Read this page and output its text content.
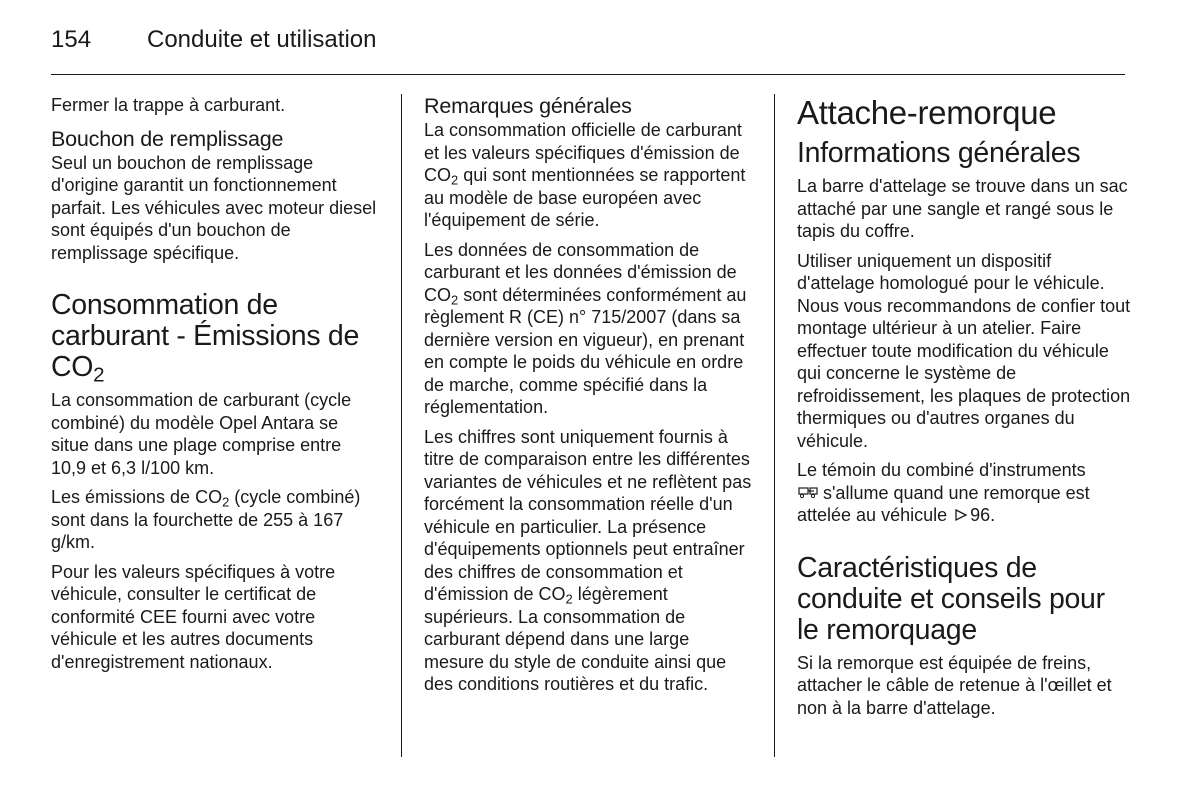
154 Conduite et utilisation

Fermer la trappe à carburant.

Bouchon de remplissage

Seul un bouchon de remplissage d'origine garantit un fonctionnement parfait. Les véhicules avec moteur diesel sont équipés d'un bouchon de remplissage spécifique.

Consommation de carburant - Émissions de $CO_2$

La consommation de carburant (cycle combiné) du modèle Opel Antara se situe dans une plage comprise entre 10,9 et 6,3 l/100 km.

Les émissions de $CO_2$ (cycle combiné) sont dans la fourchette de 255 à 167 g/km.

Pour les valeurs spécifiques à votre véhicule, consulter le certificat de conformité CEE fourni avec votre véhicule et les autres documents d'enregistrement nationaux.

Remarques générales

La consommation officielle de carburant et les valeurs spécifiques d'émission de $CO_2$ qui sont mentionnées se rapportent au modèle de base européen avec l'équipement de série.

Les données de consommation de carburant et les données d'émission de $CO_2$ sont déterminées conformément au règlement R (CE) n° 715/2007 (dans sa dernière version en vigueur), en prenant en compte le poids du véhicule en ordre de marche, comme spécifié dans la réglementation.

Les chiffres sont uniquement fournis à titre de comparaison entre les différentes variantes de véhicules et ne reflètent pas forcément la consommation réelle d'un véhicule en particulier. La présence d'équipements optionnels peut entraîner des chiffres de consommation et d'émission de $CO_2$ légèrement supérieurs. La consommation de carburant dépend dans une large mesure du style de conduite ainsi que des conditions routières et du trafic.

Attache-remorque
Informations générales

La barre d'attelage se trouve dans un sac attaché par une sangle et rangé sous le tapis du coffre.

Utiliser uniquement un dispositif d'attelage homologué pour le véhicule. Nous vous recommandons de confier tout montage ultérieur à un atelier. Faire effectuer toute modification du véhicule qui concerne le système de refroidissement, les plaques de protection thermiques ou d'autres organes du véhicule.

Le témoin du combiné d'instruments
s'allume quand une remorque est attelée au véhicule 96.

Caractéristiques de conduite et conseils pour le remorquage

Si la remorque est équipée de freins, attacher le câble de retenue à l'œillet et non à la barre d'attelage.
